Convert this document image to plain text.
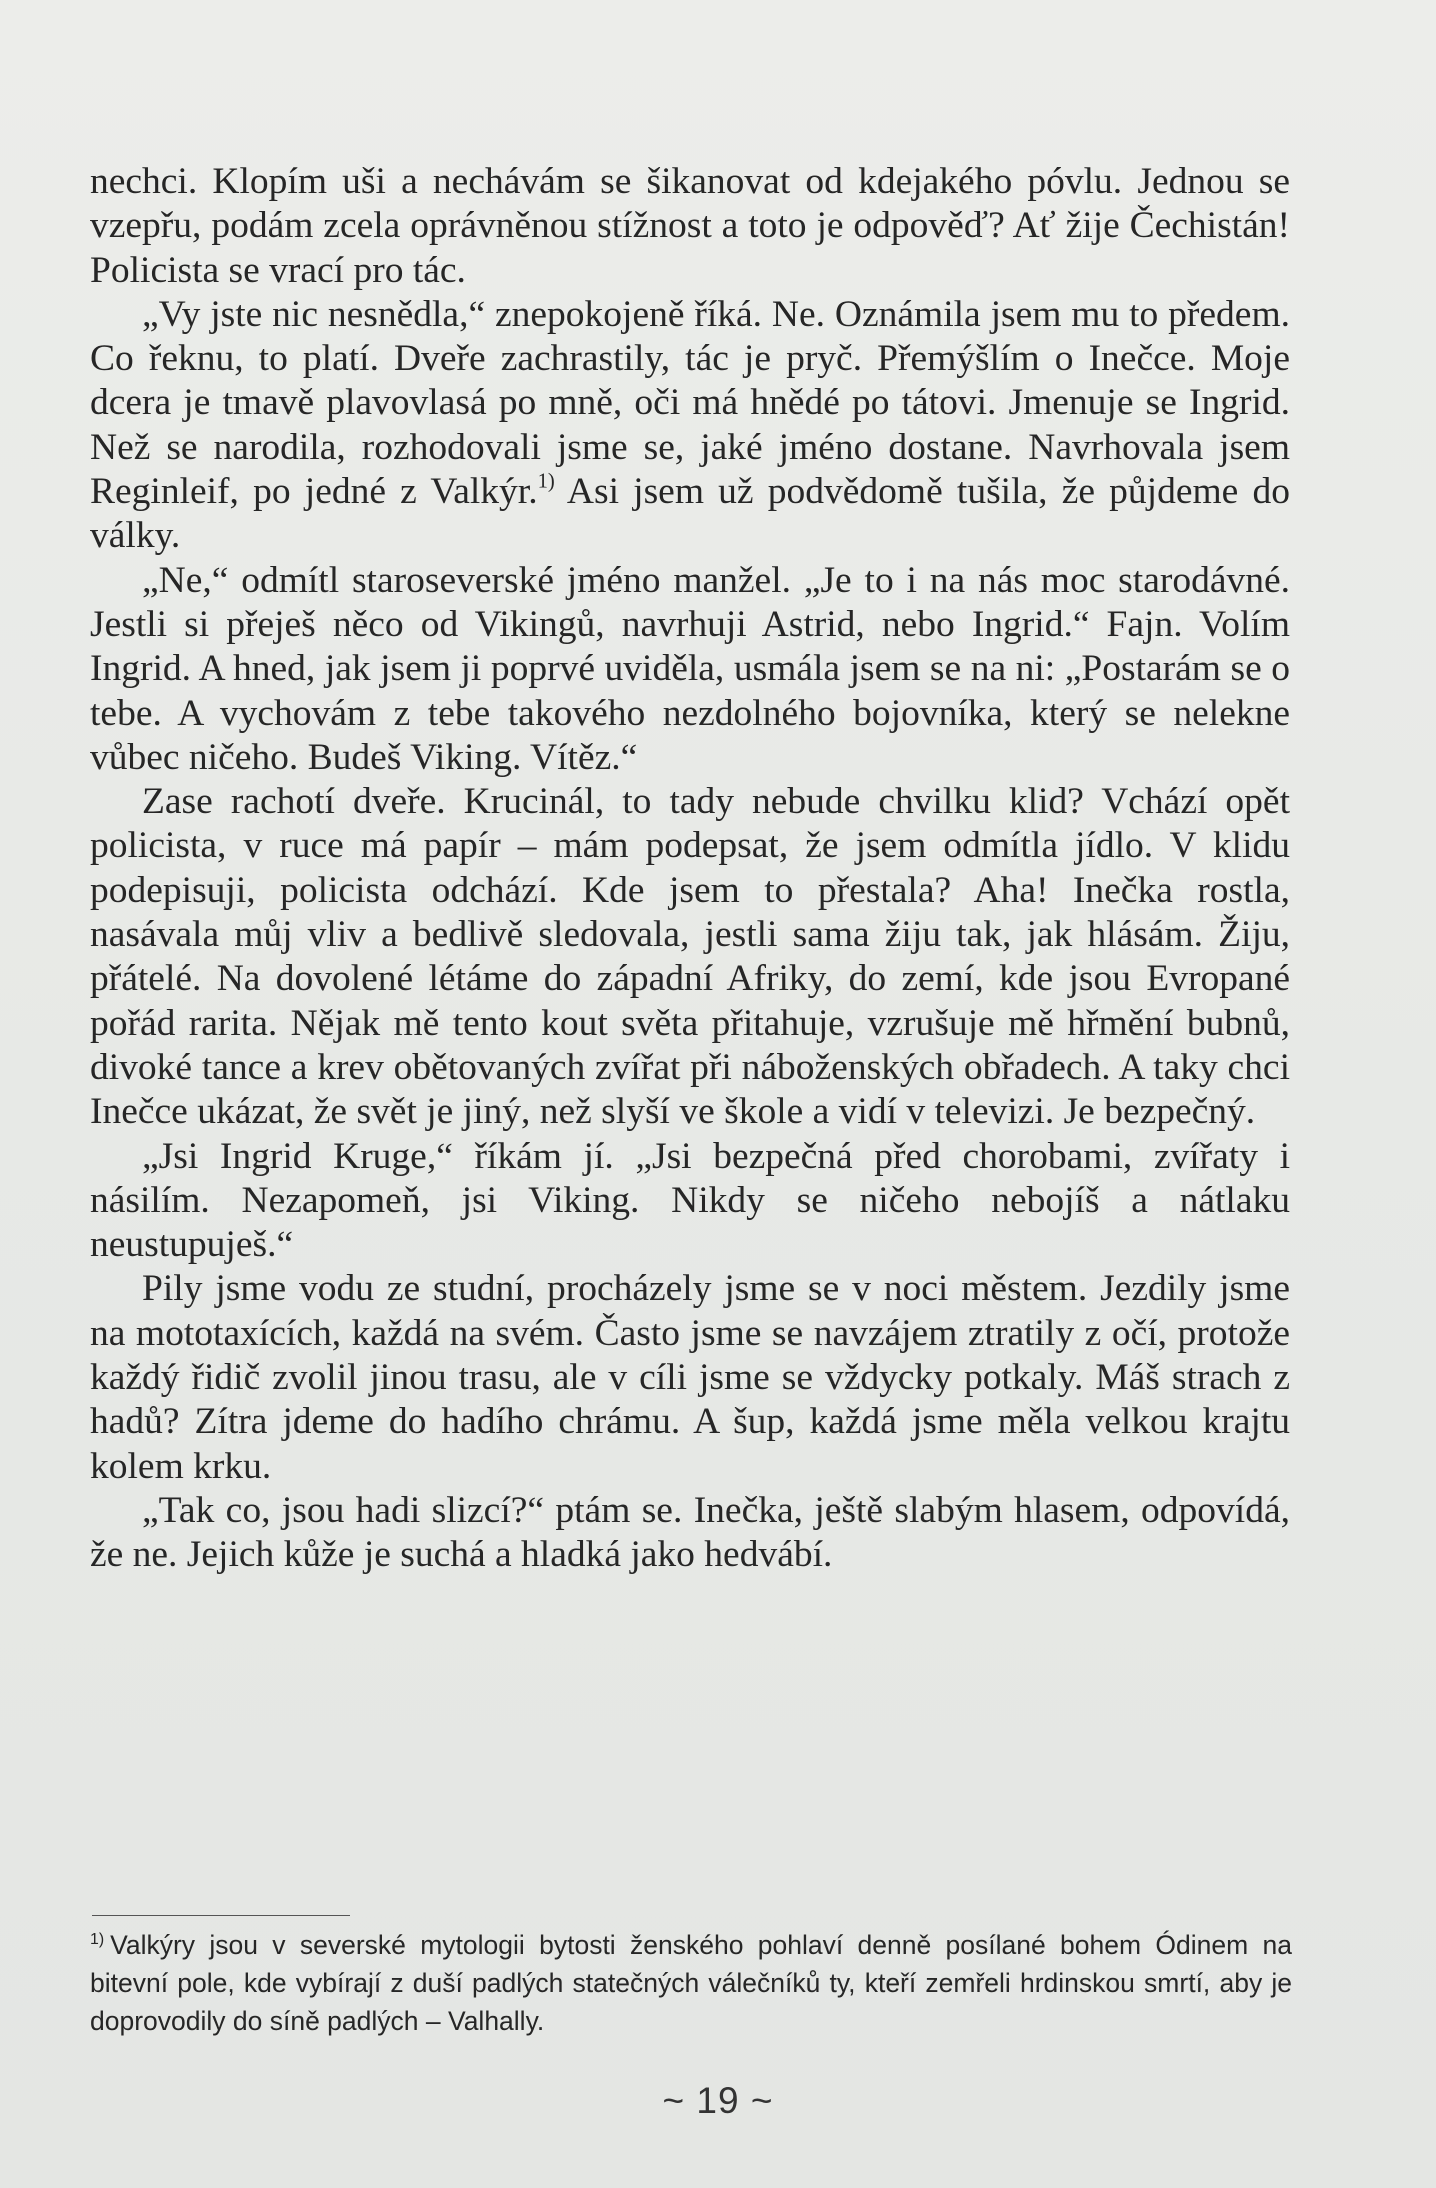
nechci. Klopím uši a nechávám se šikanovat od kdejakého póvlu. Jednou se vzepřu, podám zcela oprávněnou stížnost a toto je odpověď? Ať žije Čechistán! Policista se vrací pro tác.

„Vy jste nic nesnědla,“ znepokojeně říká. Ne. Oznámila jsem mu to předem. Co řeknu, to platí. Dveře zachrastily, tác je pryč. Přemýšlím o Inečce. Moje dcera je tmavě plavovlasá po mně, oči má hnědé po tátovi. Jmenuje se Ingrid. Než se narodila, rozhodovali jsme se, jaké jméno dostane. Navrhovala jsem Reginleif, po jedné z Valkýr.$^{1)}$ Asi jsem už podvědomě tušila, že půjdeme do války.

„Ne,“ odmítl staroseverské jméno manžel. „Je to i na nás moc starodávné. Jestli si přeješ něco od Vikingů, navrhuji Astrid, nebo Ingrid.“ Fajn. Volím Ingrid. A hned, jak jsem ji poprvé uviděla, usmála jsem se na ni: „Postarám se o tebe. A vychovám z tebe takového nezdolného bojovníka, který se nelekne vůbec ničeho. Budeš Viking. Vítěz.“

Zase rachotí dveře. Krucinál, to tady nebude chvilku klid? Vchází opět policista, v ruce má papír – mám podepsat, že jsem odmítla jídlo. V klidu podepisuji, policista odchází. Kde jsem to přestala? Aha! Inečka rostla, nasávala můj vliv a bedlivě sledovala, jestli sama žiju tak, jak hlásám. Žiju, přátelé. Na dovolené létáme do západní Afriky, do zemí, kde jsou Evropané pořád rarita. Nějak mě tento kout světa přitahuje, vzrušuje mě hřmění bubnů, divoké tance a krev obětovaných zvířat při náboženských obřadech. A taky chci Inečce ukázat, že svět je jiný, než slyší ve škole a vidí v televizi. Je bezpečný.

„Jsi Ingrid Kruge,“ říkám jí. „Jsi bezpečná před chorobami, zvířaty i násilím. Nezapomeň, jsi Viking. Nikdy se ničeho nebojíš a nátlaku neustupuješ.“

Pily jsme vodu ze studní, procházely jsme se v noci městem. Jezdily jsme na mototaxících, každá na svém. Často jsme se navzájem ztratily z očí, protože každý řidič zvolil jinou trasu, ale v cíli jsme se vždycky potkaly. Máš strach z hadů? Zítra jdeme do hadího chrámu. A šup, každá jsme měla velkou krajtu kolem krku.

„Tak co, jsou hadi slizcí?“ ptám se. Inečka, ještě slabým hlasem, odpovídá, že ne. Jejich kůže je suchá a hladká jako hedvábí.

$^{1)}$ Valkýry jsou v severské mytologii bytosti ženského pohlaví denně posílané bohem Ódinem na bitevní pole, kde vybírají z duší padlých statečných válečníků ty, kteří zemřeli hrdinskou smrtí, aby je doprovodily do síně padlých – Valhally.

~ 19 ~
